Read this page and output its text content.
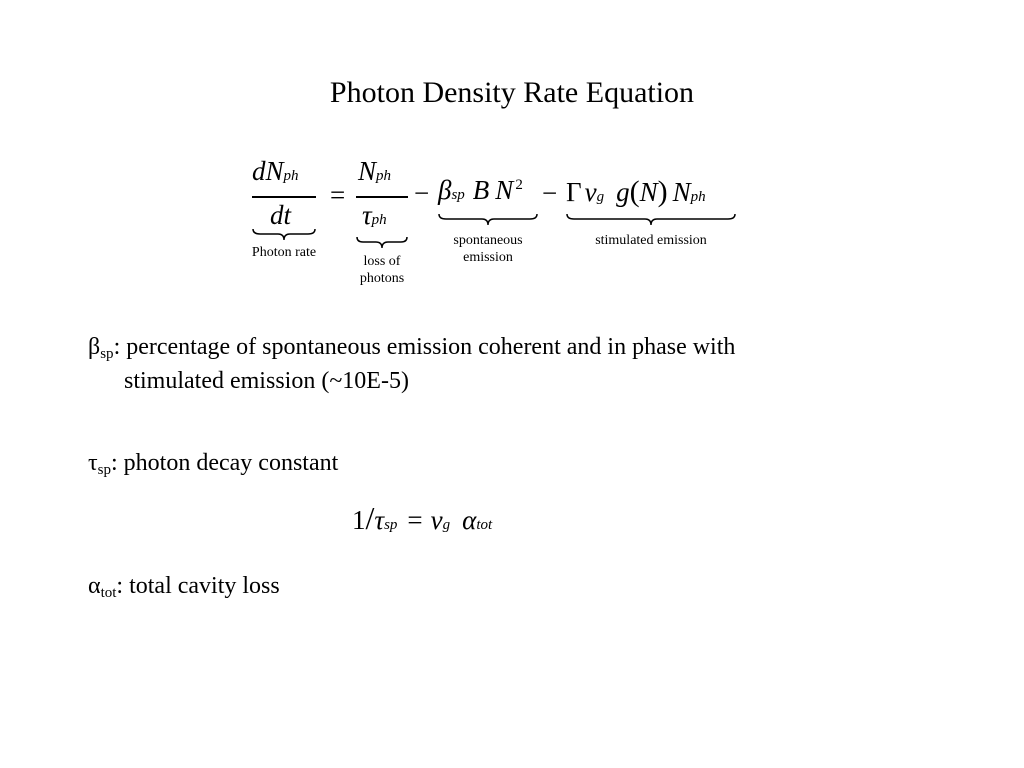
Photon Density Rate Equation
dNph
dt
=
Nph
τph
− βsp B N $^2$ − Γ vg g(N) Nph
Photon rate
loss of
photons
spontaneous
emission
stimulated emission
βsp: percentage of spontaneous emission coherent and in phase with
stimulated emission (~10E-5)
τsp: photon decay constant
1/τsp = vg αtot
αtot: total cavity loss
